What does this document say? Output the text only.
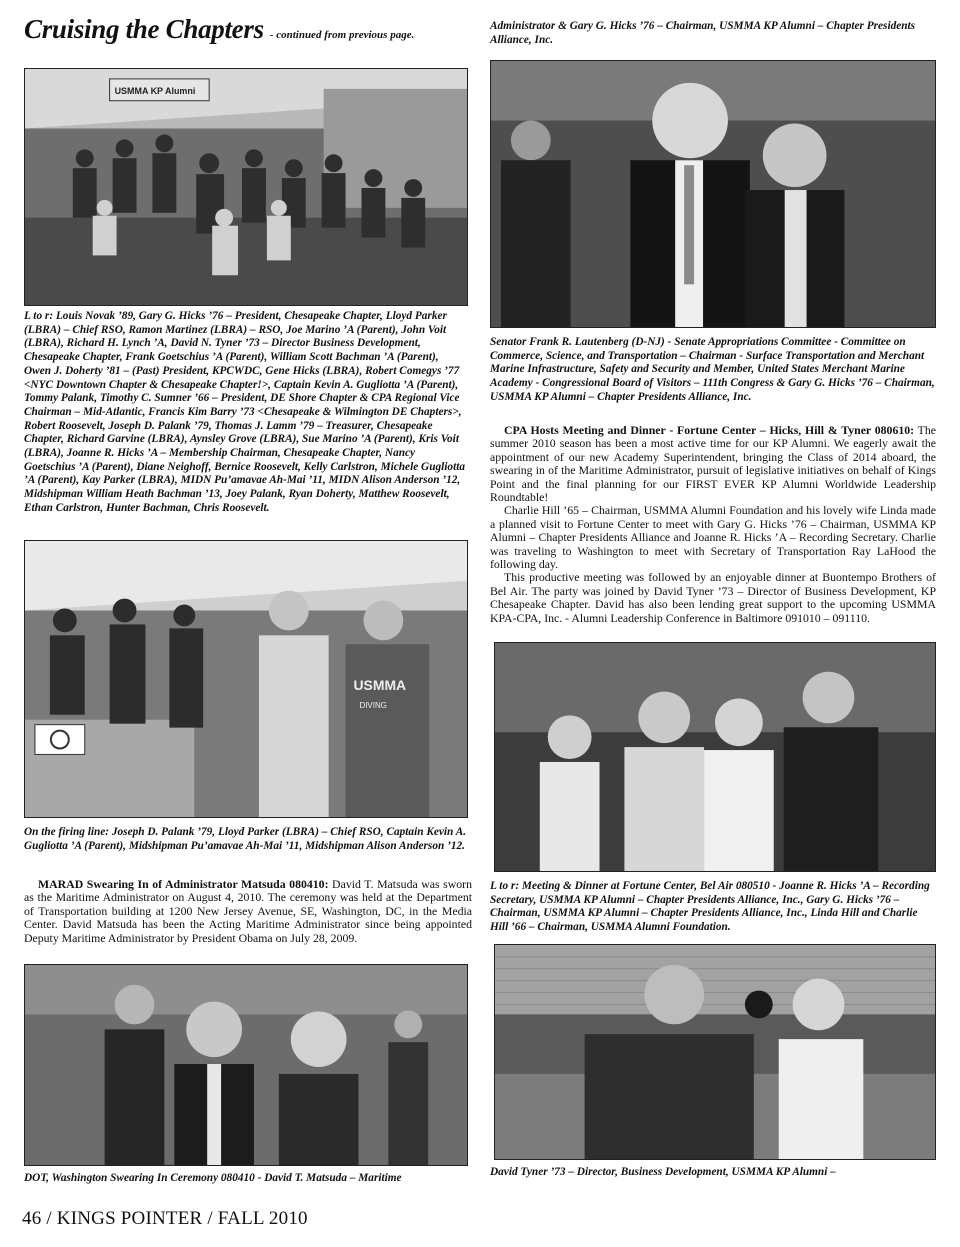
Cruising the Chapters - continued from previous page.
USMMA KP Alumni

L to r: Louis Novak ’89, Gary G. Hicks ’76 – President, Chesapeake Chapter, Lloyd Parker (LBRA) – Chief RSO, Ramon Martinez (LBRA) – RSO, Joe Marino ’A (Parent), John Voit (LBRA), Richard H. Lynch ’A, David N. Tyner ’73 – Director Business Development, Chesapeake Chapter, Frank Goetschius ’A (Parent), William Scott Bachman ’A (Parent), Owen J. Doherty ’81 – (Past) President, KPCWDC, Gene Hicks (LBRA), Robert Comegys ’77 <NYC Downtown Chapter & Chesapeake Chapter!>, Captain Kevin A. Gugliotta ’A (Parent), Tommy Palank, Timothy C. Sumner ’66 – President, DE Shore Chapter & CPA Regional Vice Chairman – Mid-Atlantic, Francis Kim Barry ’73 <Chesapeake & Wilmington DE Chapters>, Robert Roosevelt, Joseph D. Palank ’79, Thomas J. Lamm ’79 – Treasurer, Chesapeake Chapter, Richard Garvine (LBRA), Aynsley Grove (LBRA), Sue Marino ’A (Parent), Kris Voit (LBRA), Joanne R. Hicks ’A – Membership Chairman, Chesapeake Chapter, Nancy Goetschius ’A (Parent), Diane Neighoff, Bernice Roosevelt, Kelly Carlstron, Michele Gugliotta ’A (Parent), Kay Parker (LBRA), MIDN Pu’amavae Ah-Mai ’11, MIDN Alison Anderson ’12, Midshipman William Heath Bachman ’13, Joey Palank, Ryan Doherty, Matthew Roosevelt, Ethan Carlstron, Hunter Bachman, Chris Roosevelt.

USMMA
DIVING

On the firing line: Joseph D. Palank ’79, Lloyd Parker (LBRA) – Chief RSO, Captain Kevin A. Gugliotta ’A (Parent), Midshipman Pu’amavae Ah-Mai ’11, Midshipman Alison Anderson ’12.

MARAD Swearing In of Administrator Matsuda 080410: David T. Matsuda was sworn as the Maritime Administrator on August 4, 2010. The ceremony was held at the Department of Transportation building at 1200 New Jersey Avenue, SE, Washington, DC, in the Media Center. David Matsuda has been the Acting Maritime Administrator since being appointed Deputy Maritime Administrator by President Obama on July 28, 2009.

DOT, Washington Swearing In Ceremony 080410 - David T. Matsuda – Maritime

Administrator & Gary G. Hicks ’76 – Chairman, USMMA KP Alumni – Chapter Presidents Alliance, Inc.

Senator Frank R. Lautenberg (D-NJ) - Senate Appropriations Committee - Committee on Commerce, Science, and Transportation – Chairman - Surface Transportation and Merchant Marine Infrastructure, Safety and Security and Member, United States Merchant Marine Academy - Congressional Board of Visitors – 111th Congress & Gary G. Hicks ’76 – Chairman, USMMA KP Alumni – Chapter Presidents Alliance, Inc.

CPA Hosts Meeting and Dinner - Fortune Center – Hicks, Hill & Tyner 080610: The summer 2010 season has been a most active time for our KP Alumni. We eagerly await the appointment of our new Academy Superintendent, bringing the Class of 2014 aboard, the swearing in of the Maritime Administrator, pursuit of legislative initiatives on behalf of Kings Point and the final planning for our FIRST EVER KP Alumni Worldwide Leadership Roundtable!

Charlie Hill ’65 – Chairman, USMMA Alumni Foundation and his lovely wife Linda made a planned visit to Fortune Center to meet with Gary G. Hicks ’76 – Chairman, USMMA KP Alumni – Chapter Presidents Alliance and Joanne R. Hicks ’A – Recording Secretary. Charlie was traveling to Washington to meet with Secretary of Transportation Ray LaHood the following day.

This productive meeting was followed by an enjoyable dinner at Buontempo Brothers of Bel Air. The party was joined by David Tyner ’73 – Director of Business Development, KP Chesapeake Chapter. David has also been lending great support to the upcoming USMMA KPA-CPA, Inc. - Alumni Leadership Conference in Baltimore 091010 – 091110.

L to r: Meeting & Dinner at Fortune Center, Bel Air 080510 - Joanne R. Hicks ’A – Recording Secretary, USMMA KP Alumni – Chapter Presidents Alliance, Inc., Gary G. Hicks ’76 – Chairman, USMMA KP Alumni – Chapter Presidents Alliance, Inc., Linda Hill and Charlie Hill ’66 – Chairman, USMMA Alumni Foundation.

David Tyner ’73 – Director, Business Development, USMMA KP Alumni –

46 / KINGS POINTER / FALL 2010
